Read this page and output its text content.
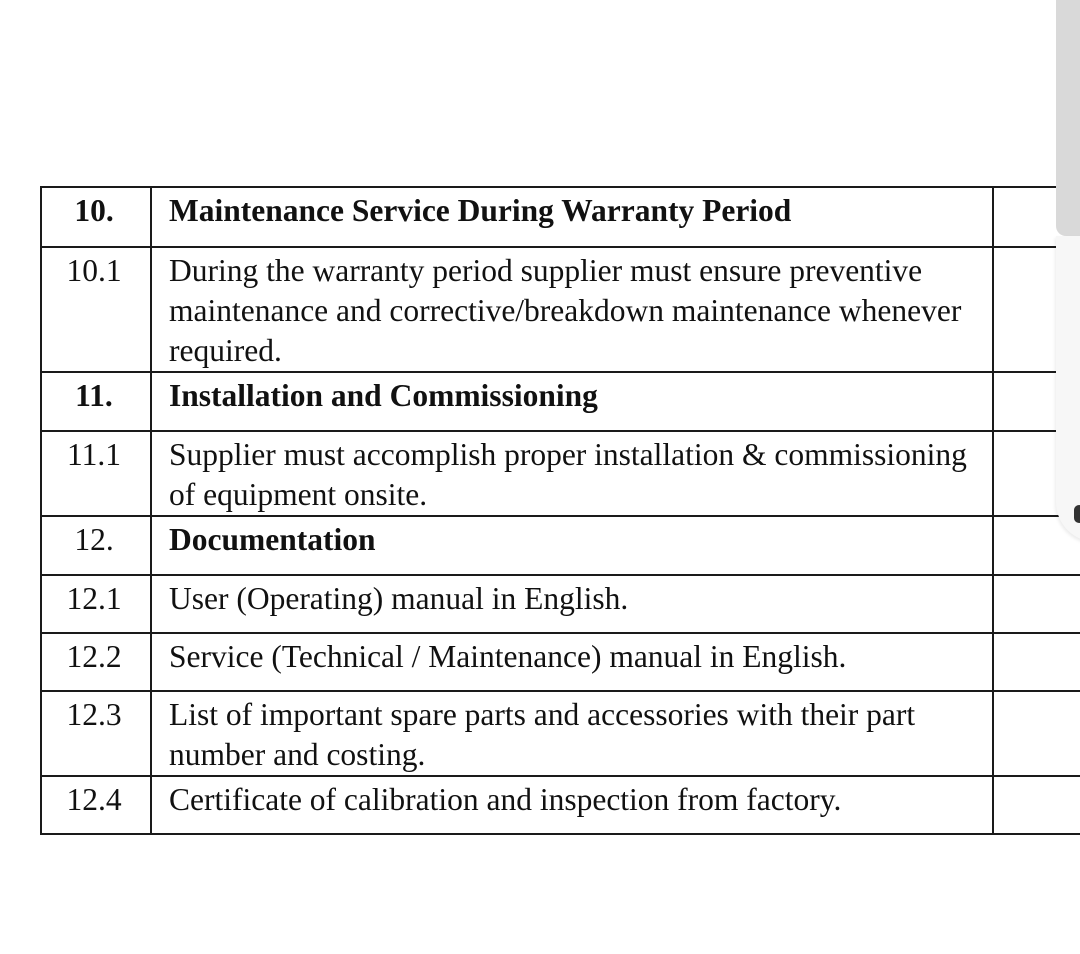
10.	Maintenance Service During Warranty Period	
10.1	During the warranty period supplier must ensure preventive maintenance and corrective/breakdown maintenance whenever required.	
11.	Installation and Commissioning	
11.1	Supplier must accomplish proper installation & commissioning of equipment onsite.	
12.	Documentation	
12.1	User (Operating) manual in English.	
12.2	Service (Technical / Maintenance) manual in English.	
12.3	List of important spare parts and accessories with their part number and costing.	
12.4	Certificate of calibration and inspection from factory.	
